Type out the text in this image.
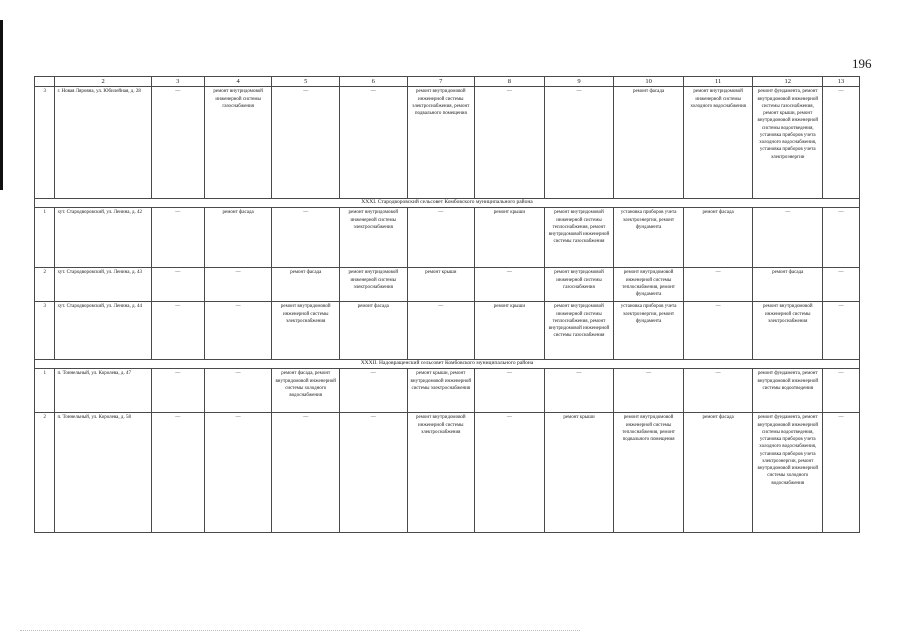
196
	2	3	4	5	6	7	8	9	10	11	12	13
3	г. Новая Ляровна, ул. Юбилейная, д. 28	—	ремонт внутридомовой инженерной системы газоснабжения	—	—	ремонт внутридомовой инженерной системы электроснабжения, ремонт подвального помещения	—	—	ремонт фасада	ремонт внутридомовой инженерной системы холодного водоснабжения	ремонт фундамента, ремонт внутридомовой инженерной системы газоснабжения, ремонт крыши, ремонт внутридомовой инженерной системы водоотведения, установка приборов учета холодного водоснабжения, установка приборов учета электроэнергии	—
XXXI. Стародворовский сельсовет Комбовского муниципального района												
1	хут. Стародворовский, ул. Ленина, д. 42	—	ремонт фасада	—	ремонт внутридомовой инженерной системы электроснабжения	—	ремонт крыши	ремонт внутридомовой инженерной системы теплоснабжения, ремонт внутридомовой инженерной системы газоснабжения	установка приборов учета электроэнергии, ремонт фундамента	ремонт фасада	—	—
2	хут. Стародворовский, ул. Ленина, д. 43	—	—	ремонт фасада	ремонт внутридомовой инженерной системы электроснабжения	ремонт крыши	—	ремонт внутридомовой инженерной системы газоснабжения	ремонт внутридомовой инженерной системы теплоснабжения, ремонт фундамента	—	ремонт фасада	—
3	хут. Стародворовский, ул. Ленина, д. 44	—	—	ремонт внутридомовой инженерной системы электроснабжения	ремонт фасада	—	ремонт крыши	ремонт внутридомовой инженерной системы теплоснабжения, ремонт внутридомовой инженерной системы газоснабжения	установка приборов учета электроэнергии, ремонт фундамента	—	ремонт внутридомовой инженерной системы электроснабжения	—
XXXII. Надовращенский сельсовет Комбовского муниципального района												
1	п. Тоннельный, ул. Королева, д. 47	—	—	ремонт фасада, ремонт внутридомовой инженерной системы холодного водоснабжения	—	ремонт крыши, ремонт внутридомовой инженерной системы электроснабжения	—	—	—	—	ремонт фундамента, ремонт внутридомовой инженерной системы водоотведения	—
2	п. Тоннельный, ул. Королева, д. 58	—	—	—	—	ремонт внутридомовой инженерной системы электроснабжения	—	ремонт крыши	ремонт внутридомовой инженерной системы теплоснабжения, ремонт подвального помещения	ремонт фасада	ремонт фундамента, ремонт внутридомовой инженерной системы водоотведения, установка приборов учета холодного водоснабжения, установка приборов учета электроэнергии, ремонт внутридомовой инженерной системы холодного водоснабжения	—
